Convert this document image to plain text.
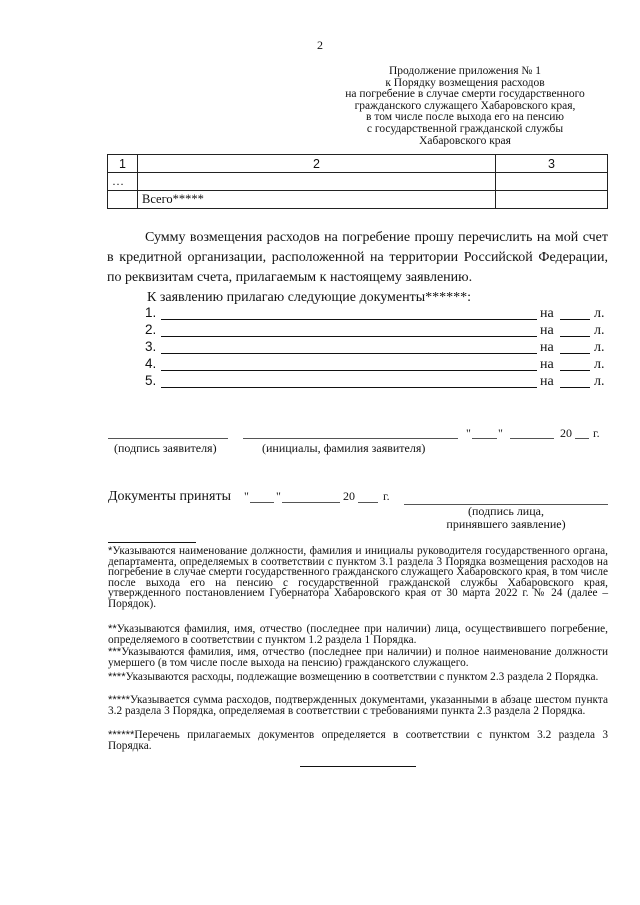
2
Продолжение приложения № 1
к Порядку возмещения расходов
на погребение в случае смерти государственного
гражданского служащего Хабаровского края,
в том числе после выхода его на пенсию
с государственной гражданской службы
Хабаровского края
1	2	3
…		
	Всего*****	
Сумму возмещения расходов на погребение прошу перечислить на мой счет в кредитной организации, расположенной на территории Российской Федерации, по реквизитам счета, прилагаемым к настоящему заявлению.
К заявлению прилагаю следующие документы******:
1.	на	л.
2.	на	л.
3.	на	л.
4.	на	л.
5.	на	л.
" "	20 г.
(подпись заявителя)	(инициалы, фамилия заявителя)
Документы приняты " "	20 г.
(подпись лица,
принявшего заявление)
*Указываются наименование должности, фамилия и инициалы руководителя государственного органа, департамента, определяемых в соответствии с пунктом 3.1 раздела 3 Порядка возмещения расходов на погребение в случае смерти государственного гражданского служащего Хабаровского края, в том числе после выхода его на пенсию с государственной гражданской службы Хабаровского края, утвержденного постановлением Губернатора Хабаровского края от 30 марта 2022 г. № 24 (далее – Порядок).
**Указываются фамилия, имя, отчество (последнее при наличии) лица, осуществившего погребение, определяемого в соответствии с пунктом 1.2 раздела 1 Порядка.
***Указываются фамилия, имя, отчество (последнее при наличии) и полное наименование должности умершего (в том числе после выхода на пенсию) гражданского служащего.
****Указываются расходы, подлежащие возмещению в соответствии с пунктом 2.3 раздела 2 Порядка.
*****Указывается сумма расходов, подтвержденных документами, указанными в абзаце шестом пункта 3.2 раздела 3 Порядка, определяемая в соответствии с требованиями пункта 2.3 раздела 2 Порядка.
******Перечень прилагаемых документов определяется в соответствии с пунктом 3.2 раздела 3 Порядка.
